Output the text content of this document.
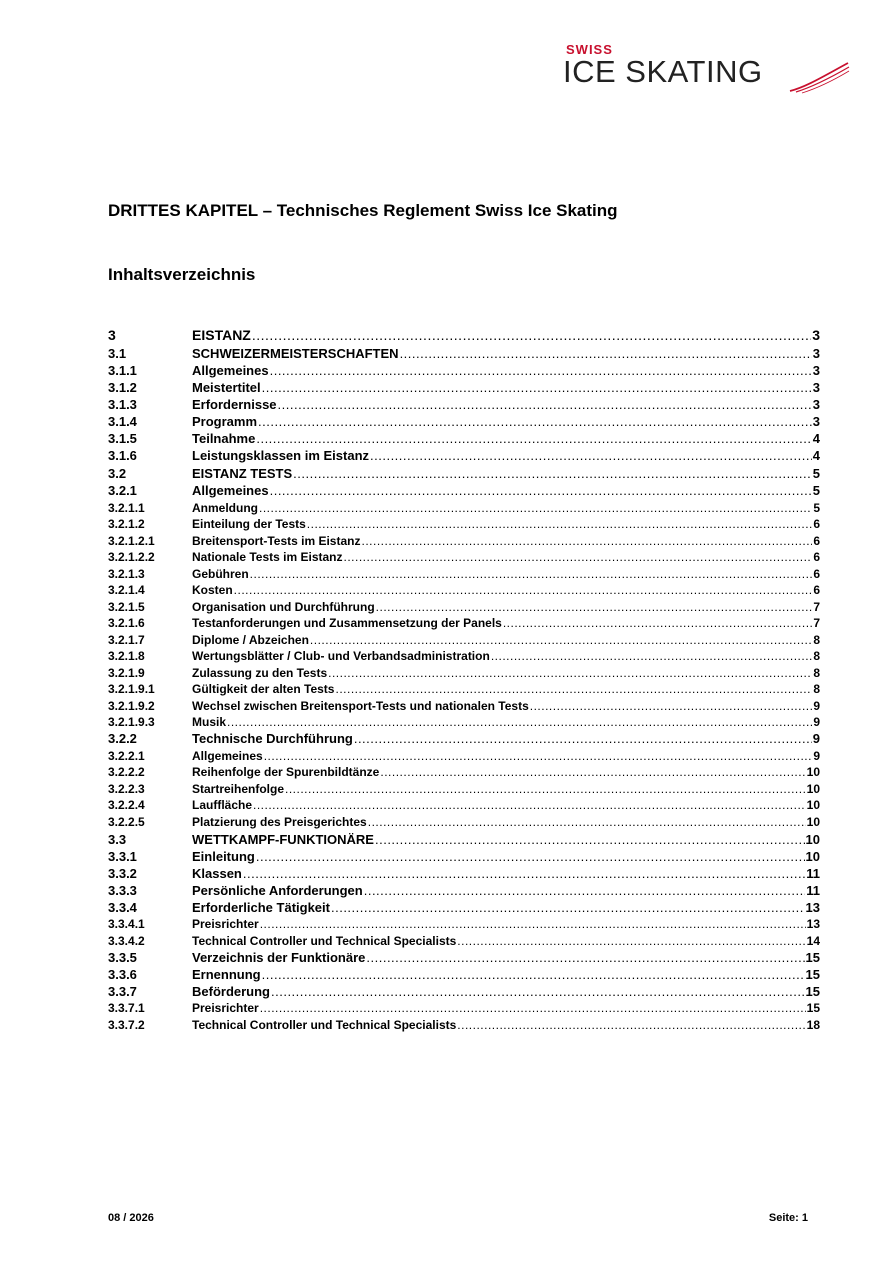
SWISS
ICE SKATING
DRITTES KAPITEL – Technisches Reglement Swiss Ice Skating
Inhaltsverzeichnis
3	EISTANZ .....	3
3.1	SCHWEIZERMEISTERSCHAFTEN .....	3
3.1.1	Allgemeines .....	3
3.1.2	Meistertitel .....	3
3.1.3	Erfordernisse .....	3
3.1.4	Programm .....	3
3.1.5	Teilnahme .....	4
3.1.6	Leistungsklassen im Eistanz .....	4
3.2	EISTANZ TESTS .....	5
3.2.1	Allgemeines .....	5
3.2.1.1	Anmeldung .....	5
3.2.1.2	Einteilung der Tests .....	6
3.2.1.2.1	Breitensport-Tests im Eistanz .....	6
3.2.1.2.2	Nationale Tests im Eistanz .....	6
3.2.1.3	Gebühren .....	6
3.2.1.4	Kosten .....	6
3.2.1.5	Organisation und Durchführung .....	7
3.2.1.6	Testanforderungen und Zusammensetzung der Panels .....	7
3.2.1.7	Diplome / Abzeichen .....	8
3.2.1.8	Wertungsblätter / Club- und Verbandsadministration .....	8
3.2.1.9	Zulassung zu den Tests .....	8
3.2.1.9.1	Gültigkeit der alten Tests .....	8
3.2.1.9.2	Wechsel zwischen Breitensport-Tests und nationalen Tests .....	9
3.2.1.9.3	Musik .....	9
3.2.2	Technische Durchführung .....	9
3.2.2.1	Allgemeines .....	9
3.2.2.2	Reihenfolge der Spurenbildtänze .....	10
3.2.2.3	Startreihenfolge .....	10
3.2.2.4	Lauffläche .....	10
3.2.2.5	Platzierung des Preisgerichtes .....	10
3.3	WETTKAMPF-FUNKTIONÄRE .....	10
3.3.1	Einleitung .....	10
3.3.2	Klassen .....	11
3.3.3	Persönliche Anforderungen .....	11
3.3.4	Erforderliche Tätigkeit .....	13
3.3.4.1	Preisrichter .....	13
3.3.4.2	Technical Controller und Technical Specialists .....	14
3.3.5	Verzeichnis der Funktionäre .....	15
3.3.6	Ernennung .....	15
3.3.7	Beförderung .....	15
3.3.7.1	Preisrichter .....	15
3.3.7.2	Technical Controller und Technical Specialists .....	18
08 / 2026	Seite: 1
